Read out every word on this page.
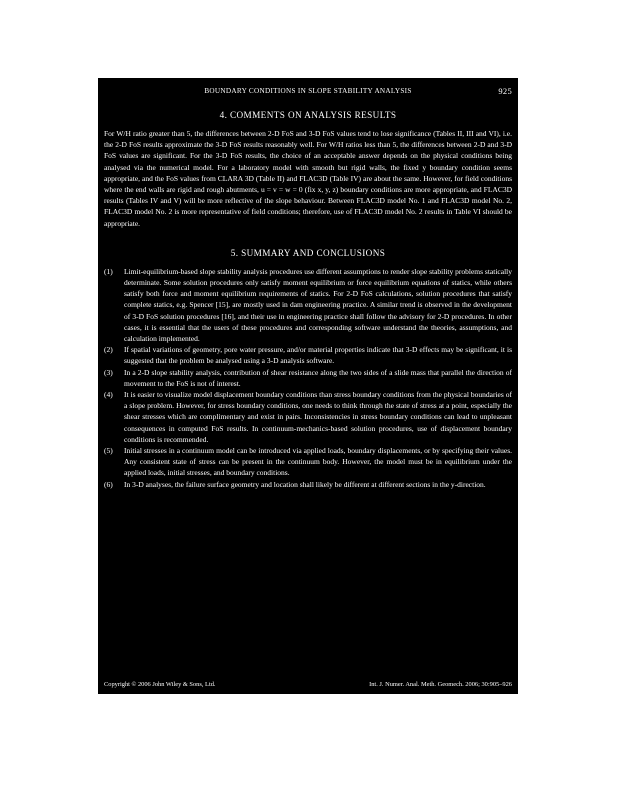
BOUNDARY CONDITIONS IN SLOPE STABILITY ANALYSIS	925
4. COMMENTS ON ANALYSIS RESULTS

For W/H ratio greater than 5, the differences between 2-D FoS and 3-D FoS values tend to lose significance (Tables II, III and VI), i.e. the 2-D FoS results approximate the 3-D FoS results reasonably well. For W/H ratios less than 5, the differences between 2-D and 3-D FoS values are significant. For the 3-D FoS results, the choice of an acceptable answer depends on the physical conditions being analysed via the numerical model. For a laboratory model with smooth but rigid walls, the fixed y boundary condition seems appropriate, and the FoS values from CLARA 3D (Table II) and FLAC3D (Table IV) are about the same. However, for field conditions where the end walls are rigid and rough abutments, u = v = w = 0 (fix x, y, z) boundary conditions are more appropriate, and FLAC3D results (Tables IV and V) will be more reflective of the slope behaviour. Between FLAC3D model No. 1 and FLAC3D model No. 2, FLAC3D model No. 2 is more representative of field conditions; therefore, use of FLAC3D model No. 2 results in Table VI should be appropriate.

5. SUMMARY AND CONCLUSIONS
(1)	Limit-equilibrium-based slope stability analysis procedures use different assumptions to render slope stability problems statically determinate. Some solution procedures only satisfy moment equilibrium or force equilibrium equations of statics, while others satisfy both force and moment equilibrium requirements of statics. For 2-D FoS calculations, solution procedures that satisfy complete statics, e.g. Spencer [15], are mostly used in dam engineering practice. A similar trend is observed in the development of 3-D FoS solution procedures [16], and their use in engineering practice shall follow the advisory for 2-D procedures. In other cases, it is essential that the users of these procedures and corresponding software understand the theories, assumptions, and calculation implemented.
(2)	If spatial variations of geometry, pore water pressure, and/or material properties indicate that 3-D effects may be significant, it is suggested that the problem be analysed using a 3-D analysis software.
(3)	In a 2-D slope stability analysis, contribution of shear resistance along the two sides of a slide mass that parallel the direction of movement to the FoS is not of interest.
(4)	It is easier to visualize model displacement boundary conditions than stress boundary conditions from the physical boundaries of a slope problem. However, for stress boundary conditions, one needs to think through the state of stress at a point, especially the shear stresses which are complimentary and exist in pairs. Inconsistencies in stress boundary conditions can lead to unpleasant consequences in computed FoS results. In continuum-mechanics-based solution procedures, use of displacement boundary conditions is recommended.
(5)	Initial stresses in a continuum model can be introduced via applied loads, boundary displacements, or by specifying their values. Any consistent state of stress can be present in the continuum body. However, the model must be in equilibrium under the applied loads, initial stresses, and boundary conditions.
(6)	In 3-D analyses, the failure surface geometry and location shall likely be different at different sections in the y-direction.
Copyright © 2006 John Wiley & Sons, Ltd.	Int. J. Numer. Anal. Meth. Geomech. 2006; 30:905–926
